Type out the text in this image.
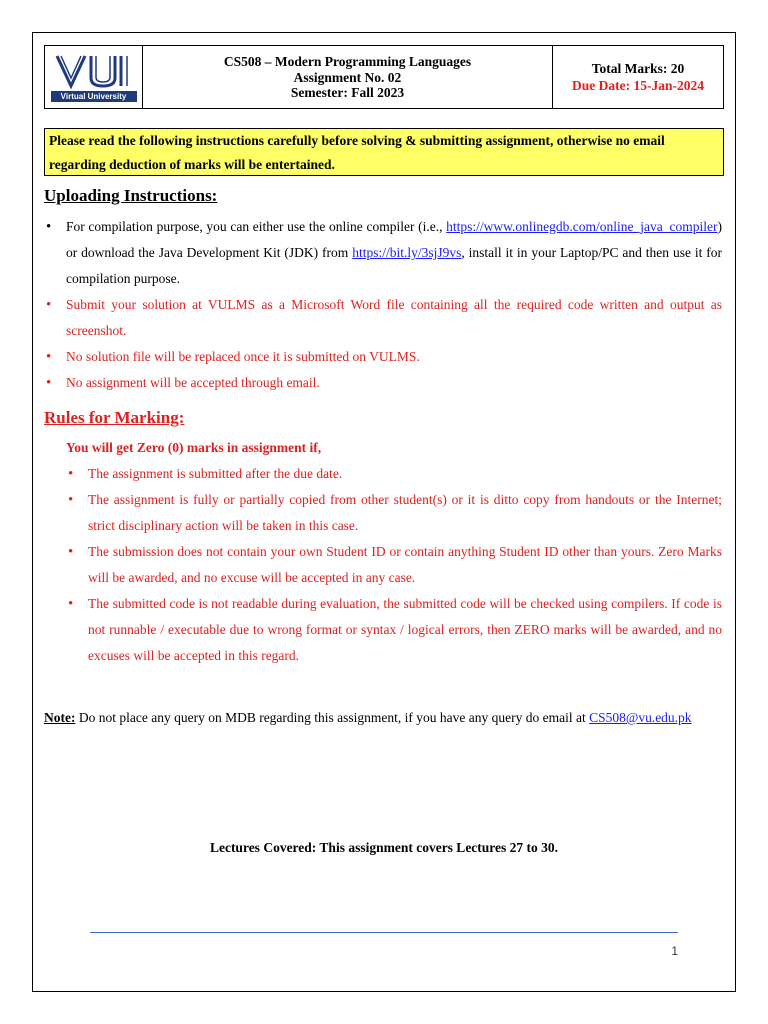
VU
Virtual University
CS508 – Modern Programming Languages
Assignment No. 02
Semester: Fall 2023
Total Marks: 20
Due Date: 15-Jan-2024
Please read the following instructions carefully before solving & submitting assignment, otherwise no email regarding deduction of marks will be entertained.
Uploading Instructions:
• For compilation purpose, you can either use the online compiler (i.e., https://www.onlinegdb.com/online_java_compiler) or download the Java Development Kit (JDK) from https://bit.ly/3sjJ9vs, install it in your Laptop/PC and then use it for compilation purpose.
• Submit your solution at VULMS as a Microsoft Word file containing all the required code written and output as screenshot.
• No solution file will be replaced once it is submitted on VULMS.
• No assignment will be accepted through email.
Rules for Marking:
You will get Zero (0) marks in assignment if,
• The assignment is submitted after the due date.
• The assignment is fully or partially copied from other student(s) or it is ditto copy from handouts or the Internet; strict disciplinary action will be taken in this case.
• The submission does not contain your own Student ID or contain anything Student ID other than yours. Zero Marks will be awarded, and no excuse will be accepted in any case.
• The submitted code is not readable during evaluation, the submitted code will be checked using compilers. If code is not runnable / executable due to wrong format or syntax / logical errors, then ZERO marks will be awarded, and no excuses will be accepted in this regard.
Note: Do not place any query on MDB regarding this assignment, if you have any query do email at CS508@vu.edu.pk
Lectures Covered: This assignment covers Lectures 27 to 30.
1
